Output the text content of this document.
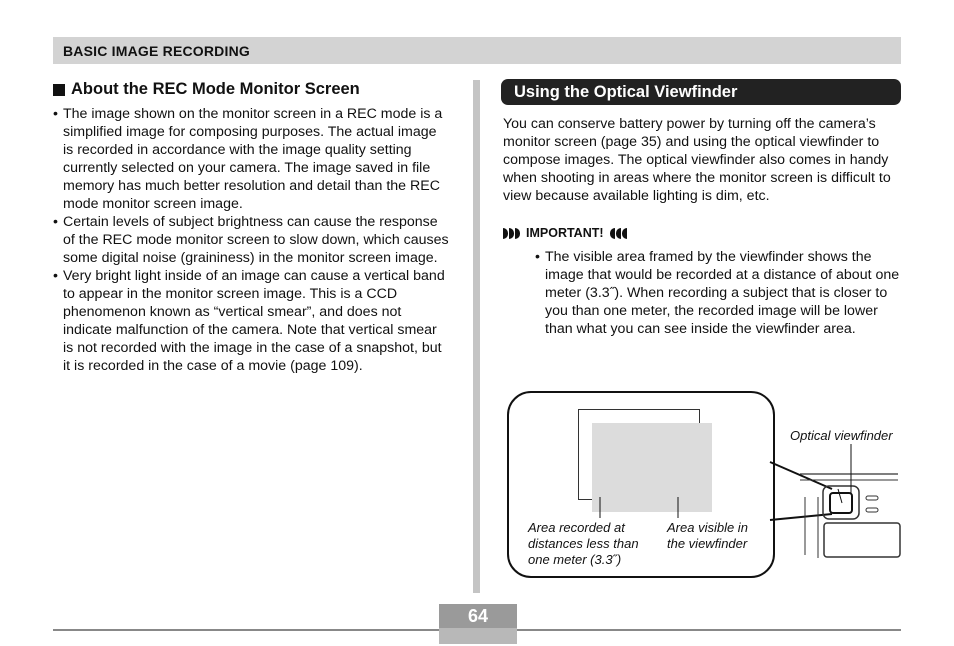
BASIC IMAGE RECORDING
About the REC Mode Monitor Screen
• The image shown on the monitor screen in a REC mode is a simplified image for composing purposes. The actual image is recorded in accordance with the image quality setting currently selected on your camera. The image saved in file memory has much better resolution and detail than the REC mode monitor screen image.
• Certain levels of subject brightness can cause the response of the REC mode monitor screen to slow down, which causes some digital noise (graininess) in the monitor screen image.
• Very bright light inside of an image can cause a vertical band to appear in the monitor screen image. This is a CCD phenomenon known as “vertical smear”, and does not indicate malfunction of the camera. Note that vertical smear is not recorded with the image in the case of a snapshot, but it is recorded in the case of a movie (page 109).
Using the Optical Viewfinder
You can conserve battery power by turning off the camera’s monitor screen (page 35) and using the optical viewfinder to compose images. The optical viewfinder also comes in handy when shooting in areas where the monitor screen is difficult to view because available lighting is dim, etc.
IMPORTANT!
• The visible area framed by the viewfinder shows the image that would be recorded at a distance of about one meter (3.3˝). When recording a subject that is closer to you than one meter, the recorded image will be lower than what you can see inside the viewfinder area.
Area recorded at distances less than one meter (3.3˝)
Area visible in the viewfinder
Optical viewfinder
64
